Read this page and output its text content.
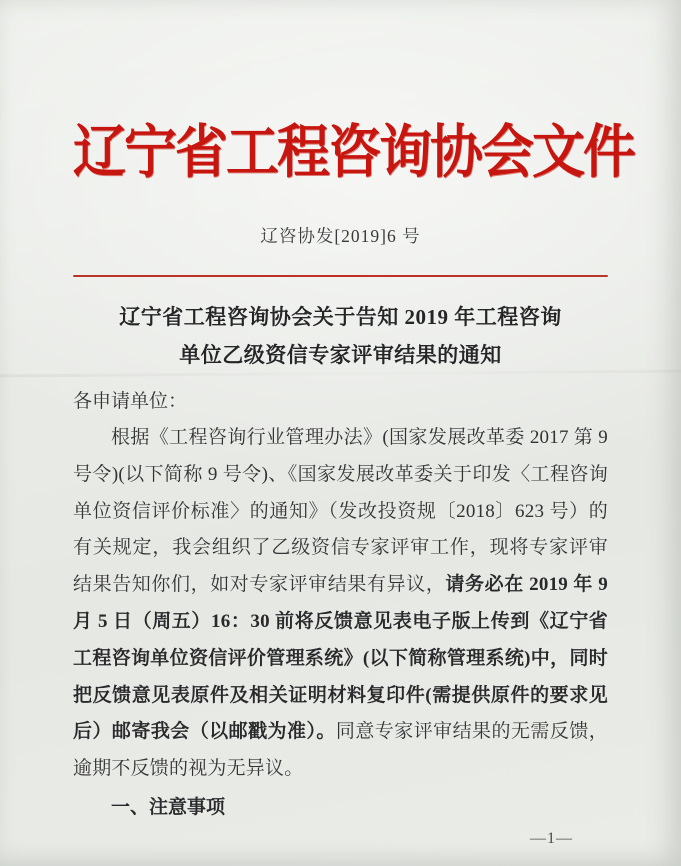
辽宁省工程咨询协会文件
辽咨协发[2019]6 号
辽宁省工程咨询协会关于告知 2019 年工程咨询
单位乙级资信专家评审结果的通知
各申请单位：

根据《工程咨询行业管理办法》(国家发展改革委 2017 第 9 号令)(以下简称 9 号令)、《国家发展改革委关于印发〈工程咨询单位资信评价标准〉的通知》（发改投资规〔2018〕623 号）的有关规定，我会组织了乙级资信专家评审工作，现将专家评审结果告知你们，如对专家评审结果有异议，请务必在 2019 年 9 月 5 日（周五）16：30 前将反馈意见表电子版上传到《辽宁省工程咨询单位资信评价管理系统》(以下简称管理系统)中，同时把反馈意见表原件及相关证明材料复印件(需提供原件的要求见后）邮寄我会（以邮戳为准）。同意专家评审结果的无需反馈，逾期不反馈的视为无异议。

一、注意事项
—1—
